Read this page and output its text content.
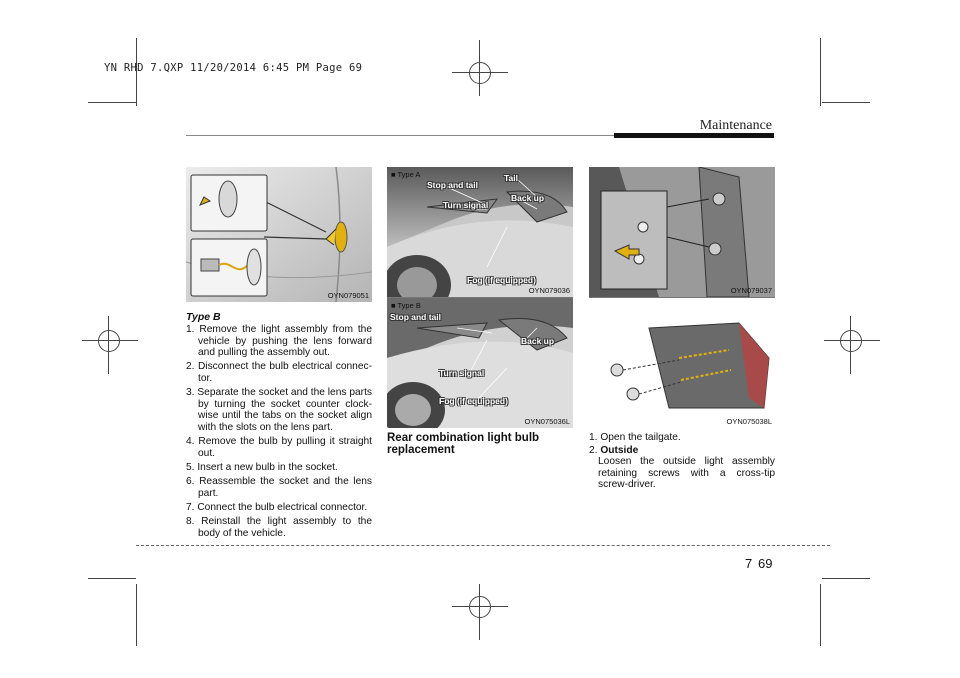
YN RHD 7.QXP 11/20/2014 6:45 PM Page 69
Maintenance
OYN079051
■ Type A
Stop and tail
Tail
Back up
Turn signal
Fog (if equipped)
OYN079036
■ Type B
Stop and tail
Back up
Turn signal
Fog (if equipped)
OYN075036L
OYN079037
OYN075038L
Type B
1. Remove the light assembly from the vehicle by pushing the lens forward and pulling the assembly out.
2. Disconnect the bulb electrical connec-tor.
3. Separate the socket and the lens parts by turning the socket counter clock-wise until the tabs on the socket align with the slots on the lens part.
4. Remove the bulb by pulling it straight out.
5. Insert a new bulb in the socket.
6. Reassemble the socket and the lens part.
7. Connect the bulb electrical connector.
8. Reinstall the light assembly to the body of the vehicle.
Rear combination light bulb
replacement
1. Open the tailgate.
2. Outside
Loosen the outside light assembly retaining screws with a cross-tip screw-driver.
7 69
